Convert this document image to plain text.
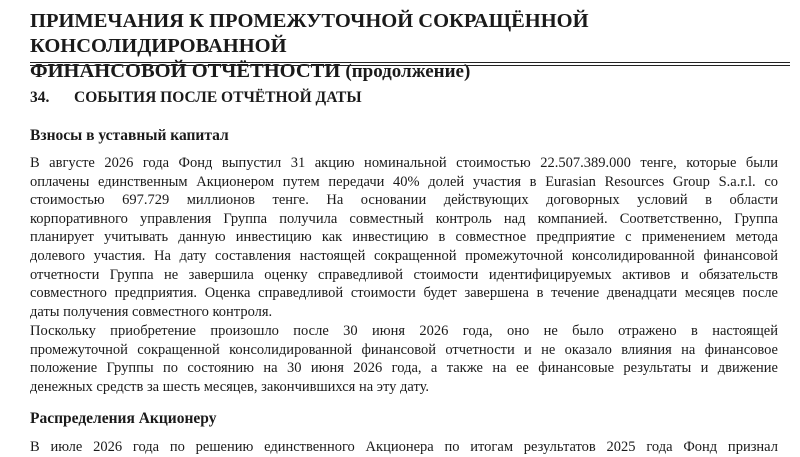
ПРИМЕЧАНИЯ К ПРОМЕЖУТОЧНОЙ СОКРАЩЁННОЙ КОНСОЛИДИРОВАННОЙ
ФИНАНСОВОЙ ОТЧЁТНОСТИ (продолжение)
34. СОБЫТИЯ ПОСЛЕ ОТЧЁТНОЙ ДАТЫ
Взносы в уставный капитал

В августе 2026 года Фонд выпустил 31 акцию номинальной стоимостью 22.507.389.000 тенге, которые были
оплачены единственным Акционером путем передачи 40% долей участия в Eurasian Resources Group S.a.r.l. со
стоимостью 697.729 миллионов тенге. На основании действующих договорных условий в области
корпоративного управления Группа получила совместный контроль над компанией. Соответственно, Группа
планирует учитывать данную инвестицию как инвестицию в совместное предприятие с применением метода
долевого участия. На дату составления настоящей сокращенной промежуточной консолидированной финансовой
отчетности Группа не завершила оценку справедливой стоимости идентифицируемых активов и обязательств
совместного предприятия. Оценка справедливой стоимости будет завершена в течение двенадцати месяцев после
даты получения совместного контроля.

Поскольку приобретение произошло после 30 июня 2026 года, оно не было отражено в настоящей
промежуточной сокращенной консолидированной финансовой отчетности и не оказало влияния на финансовое
положение Группы по состоянию на 30 июня 2026 года, а также на ее финансовые результаты и движение
денежных средств за шесть месяцев, закончившихся на эту дату.

Распределения Акционеру

В июле 2026 года по решению единственного Акционера по итогам результатов 2025 года Фонд признал
